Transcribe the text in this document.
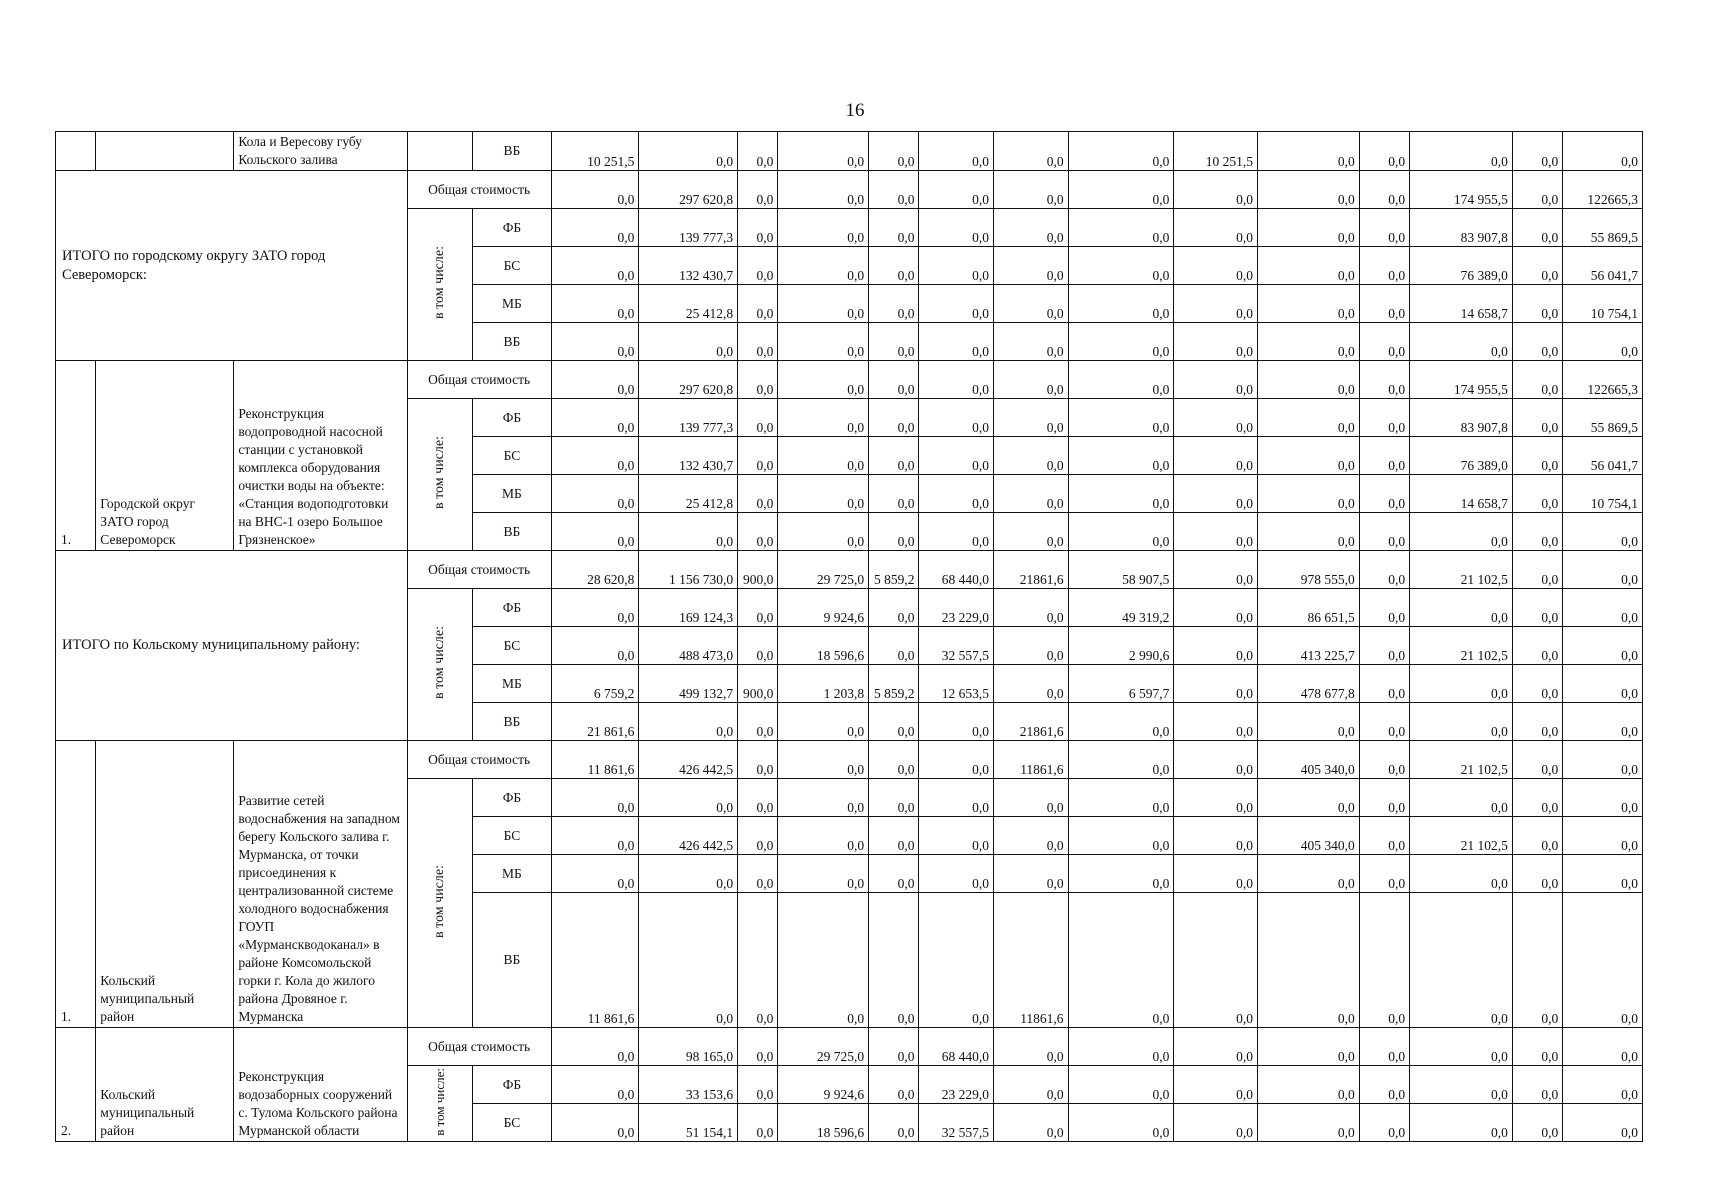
16
		Кола и Вересову губу Кольского залива		ВБ	10 251,5	0,0	0,0	0,0	0,0	0,0	0,0	0,0	10 251,5	0,0	0,0	0,0	0,0	0,0
ИТОГО по городскому округу ЗАТО город Североморск:			Общая стоимость		0,0	297 620,8	0,0	0,0	0,0	0,0	0,0	0,0	0,0	0,0	0,0	174 955,5	0,0	122665,3
			в том числе:	ФБ	0,0	139 777,3	0,0	0,0	0,0	0,0	0,0	0,0	0,0	0,0	0,0	83 907,8	0,0	55 869,5
				БС	0,0	132 430,7	0,0	0,0	0,0	0,0	0,0	0,0	0,0	0,0	0,0	76 389,0	0,0	56 041,7
				МБ	0,0	25 412,8	0,0	0,0	0,0	0,0	0,0	0,0	0,0	0,0	0,0	14 658,7	0,0	10 754,1
				ВБ	0,0	0,0	0,0	0,0	0,0	0,0	0,0	0,0	0,0	0,0	0,0	0,0	0,0	0,0
1.	Городской округ ЗАТО город Североморск	Реконструкция водопроводной насосной станции с установкой комплекса оборудования очистки воды на объекте: «Станция водоподготовки на ВНС-1 озеро Большое Грязненское»	Общая стоимость		0,0	297 620,8	0,0	0,0	0,0	0,0	0,0	0,0	0,0	0,0	0,0	174 955,5	0,0	122665,3
			в том числе:	ФБ	0,0	139 777,3	0,0	0,0	0,0	0,0	0,0	0,0	0,0	0,0	0,0	83 907,8	0,0	55 869,5
				БС	0,0	132 430,7	0,0	0,0	0,0	0,0	0,0	0,0	0,0	0,0	0,0	76 389,0	0,0	56 041,7
				МБ	0,0	25 412,8	0,0	0,0	0,0	0,0	0,0	0,0	0,0	0,0	0,0	14 658,7	0,0	10 754,1
				ВБ	0,0	0,0	0,0	0,0	0,0	0,0	0,0	0,0	0,0	0,0	0,0	0,0	0,0	0,0
ИТОГО по Кольскому муниципальному району:			Общая стоимость		28 620,8	1 156 730,0	900,0	29 725,0	5 859,2	68 440,0	21861,6	58 907,5	0,0	978 555,0	0,0	21 102,5	0,0	0,0
			в том числе:	ФБ	0,0	169 124,3	0,0	9 924,6	0,0	23 229,0	0,0	49 319,2	0,0	86 651,5	0,0	0,0	0,0	0,0
				БС	0,0	488 473,0	0,0	18 596,6	0,0	32 557,5	0,0	2 990,6	0,0	413 225,7	0,0	21 102,5	0,0	0,0
				МБ	6 759,2	499 132,7	900,0	1 203,8	5 859,2	12 653,5	0,0	6 597,7	0,0	478 677,8	0,0	0,0	0,0	0,0
				ВБ	21 861,6	0,0	0,0	0,0	0,0	0,0	21861,6	0,0	0,0	0,0	0,0	0,0	0,0	0,0
1.	Кольский муниципальный район	Развитие сетей водоснабжения на западном берегу Кольского залива г. Мурманска, от точки присоединения к централизованной системе холодного водоснабжения ГОУП «Мурманскводоканал» в районе Комсомольской горки г. Кола до жилого района Дровяное г. Мурманска	Общая стоимость		11 861,6	426 442,5	0,0	0,0	0,0	0,0	11861,6	0,0	0,0	405 340,0	0,0	21 102,5	0,0	0,0
			в том числе:	ФБ	0,0	0,0	0,0	0,0	0,0	0,0	0,0	0,0	0,0	0,0	0,0	0,0	0,0	0,0
				БС	0,0	426 442,5	0,0	0,0	0,0	0,0	0,0	0,0	0,0	405 340,0	0,0	21 102,5	0,0	0,0
				МБ	0,0	0,0	0,0	0,0	0,0	0,0	0,0	0,0	0,0	0,0	0,0	0,0	0,0	0,0
				ВБ	11 861,6	0,0	0,0	0,0	0,0	0,0	11861,6	0,0	0,0	0,0	0,0	0,0	0,0	0,0
2.	Кольский муниципальный район	Реконструкция водозаборных сооружений с. Тулома Кольского района Мурманской области	Общая стоимость		0,0	98 165,0	0,0	29 725,0	0,0	68 440,0	0,0	0,0	0,0	0,0	0,0	0,0	0,0	0,0
			в том числе:	ФБ	0,0	33 153,6	0,0	9 924,6	0,0	23 229,0	0,0	0,0	0,0	0,0	0,0	0,0	0,0	0,0
				БС	0,0	51 154,1	0,0	18 596,6	0,0	32 557,5	0,0	0,0	0,0	0,0	0,0	0,0	0,0	0,0
